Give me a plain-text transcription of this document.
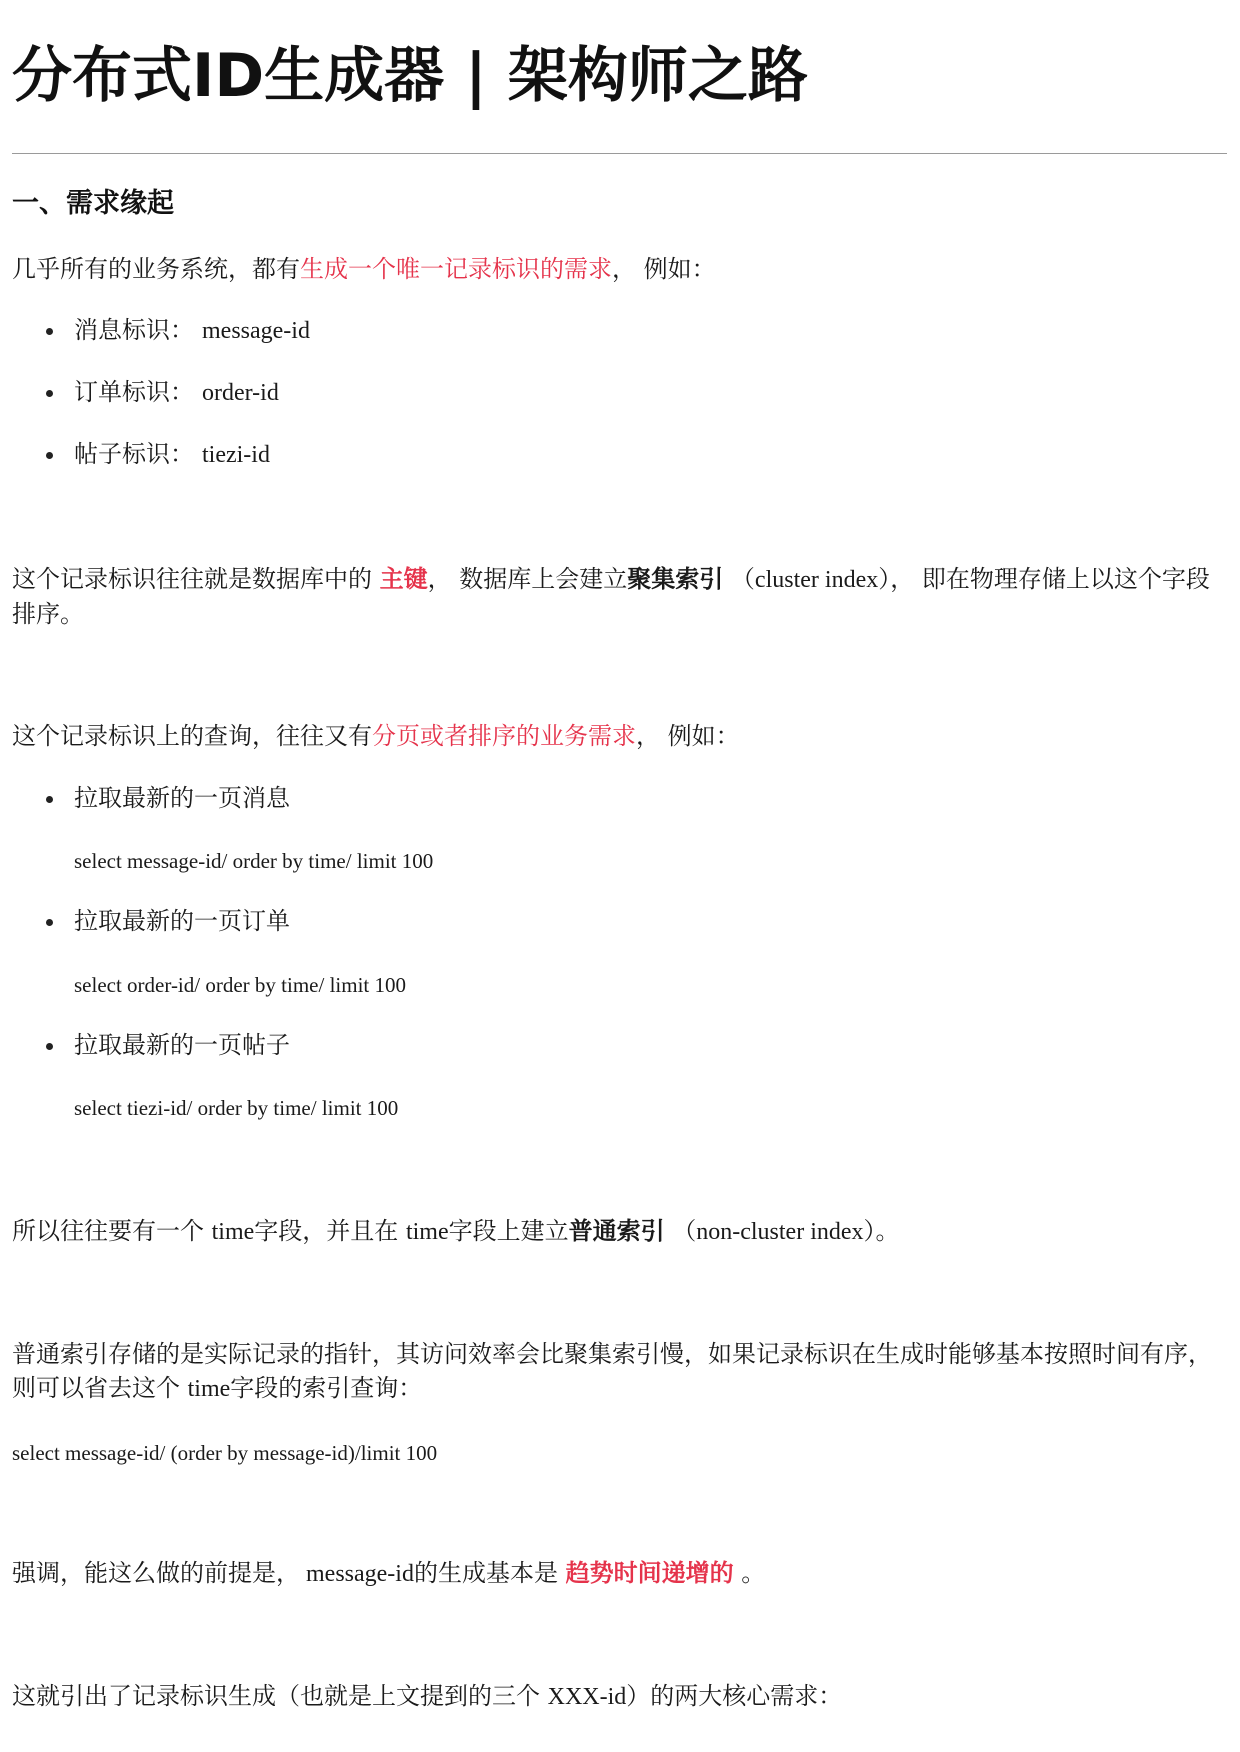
分布式ID生成器 | 架构师之路
一、需求缘起

几乎所有的业务系统，都有生成一个唯一记录标识的需求， 例如：

消息标识： message-id
订单标识： order-id
帖子标识： tiezi-id

这个记录标识往往就是数据库中的 主键， 数据库上会建立聚集索引 （cluster index）， 即在物理存储上以这个字段排序。

这个记录标识上的查询，往往又有分页或者排序的业务需求， 例如：

拉取最新的一页消息
select message-id/ order by time/ limit 100
拉取最新的一页订单
select order-id/ order by time/ limit 100
拉取最新的一页帖子
select tiezi-id/ order by time/ limit 100

所以往往要有一个 time字段，并且在 time字段上建立普通索引 （non-cluster index）。

普通索引存储的是实际记录的指针，其访问效率会比聚集索引慢，如果记录标识在生成时能够基本按照时间有序，则可以省去这个 time字段的索引查询：

select message-id/ (order by message-id)/limit 100

强调，能这么做的前提是， message-id的生成基本是 趋势时间递增的 。

这就引出了记录标识生成（也就是上文提到的三个 XXX-id）的两大核心需求：
